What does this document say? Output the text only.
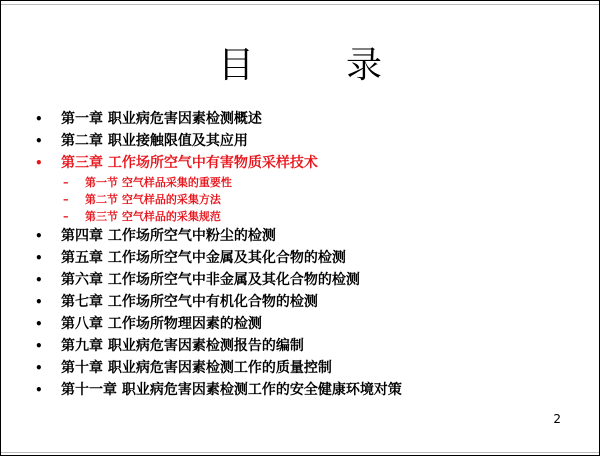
目　录
• 第一章 职业病危害因素检测概述
• 第二章 职业接触限值及其应用
• 第三章 工作场所空气中有害物质采样技术
– 第一节 空气样品采集的重要性
– 第二节 空气样品的采集方法
– 第三节 空气样品的采集规范
• 第四章 工作场所空气中粉尘的检测
• 第五章 工作场所空气中金属及其化合物的检测
• 第六章 工作场所空气中非金属及其化合物的检测
• 第七章 工作场所空气中有机化合物的检测
• 第八章 工作场所物理因素的检测
• 第九章 职业病危害因素检测报告的编制
• 第十章 职业病危害因素检测工作的质量控制
• 第十一章 职业病危害因素检测工作的安全健康环境对策
2
